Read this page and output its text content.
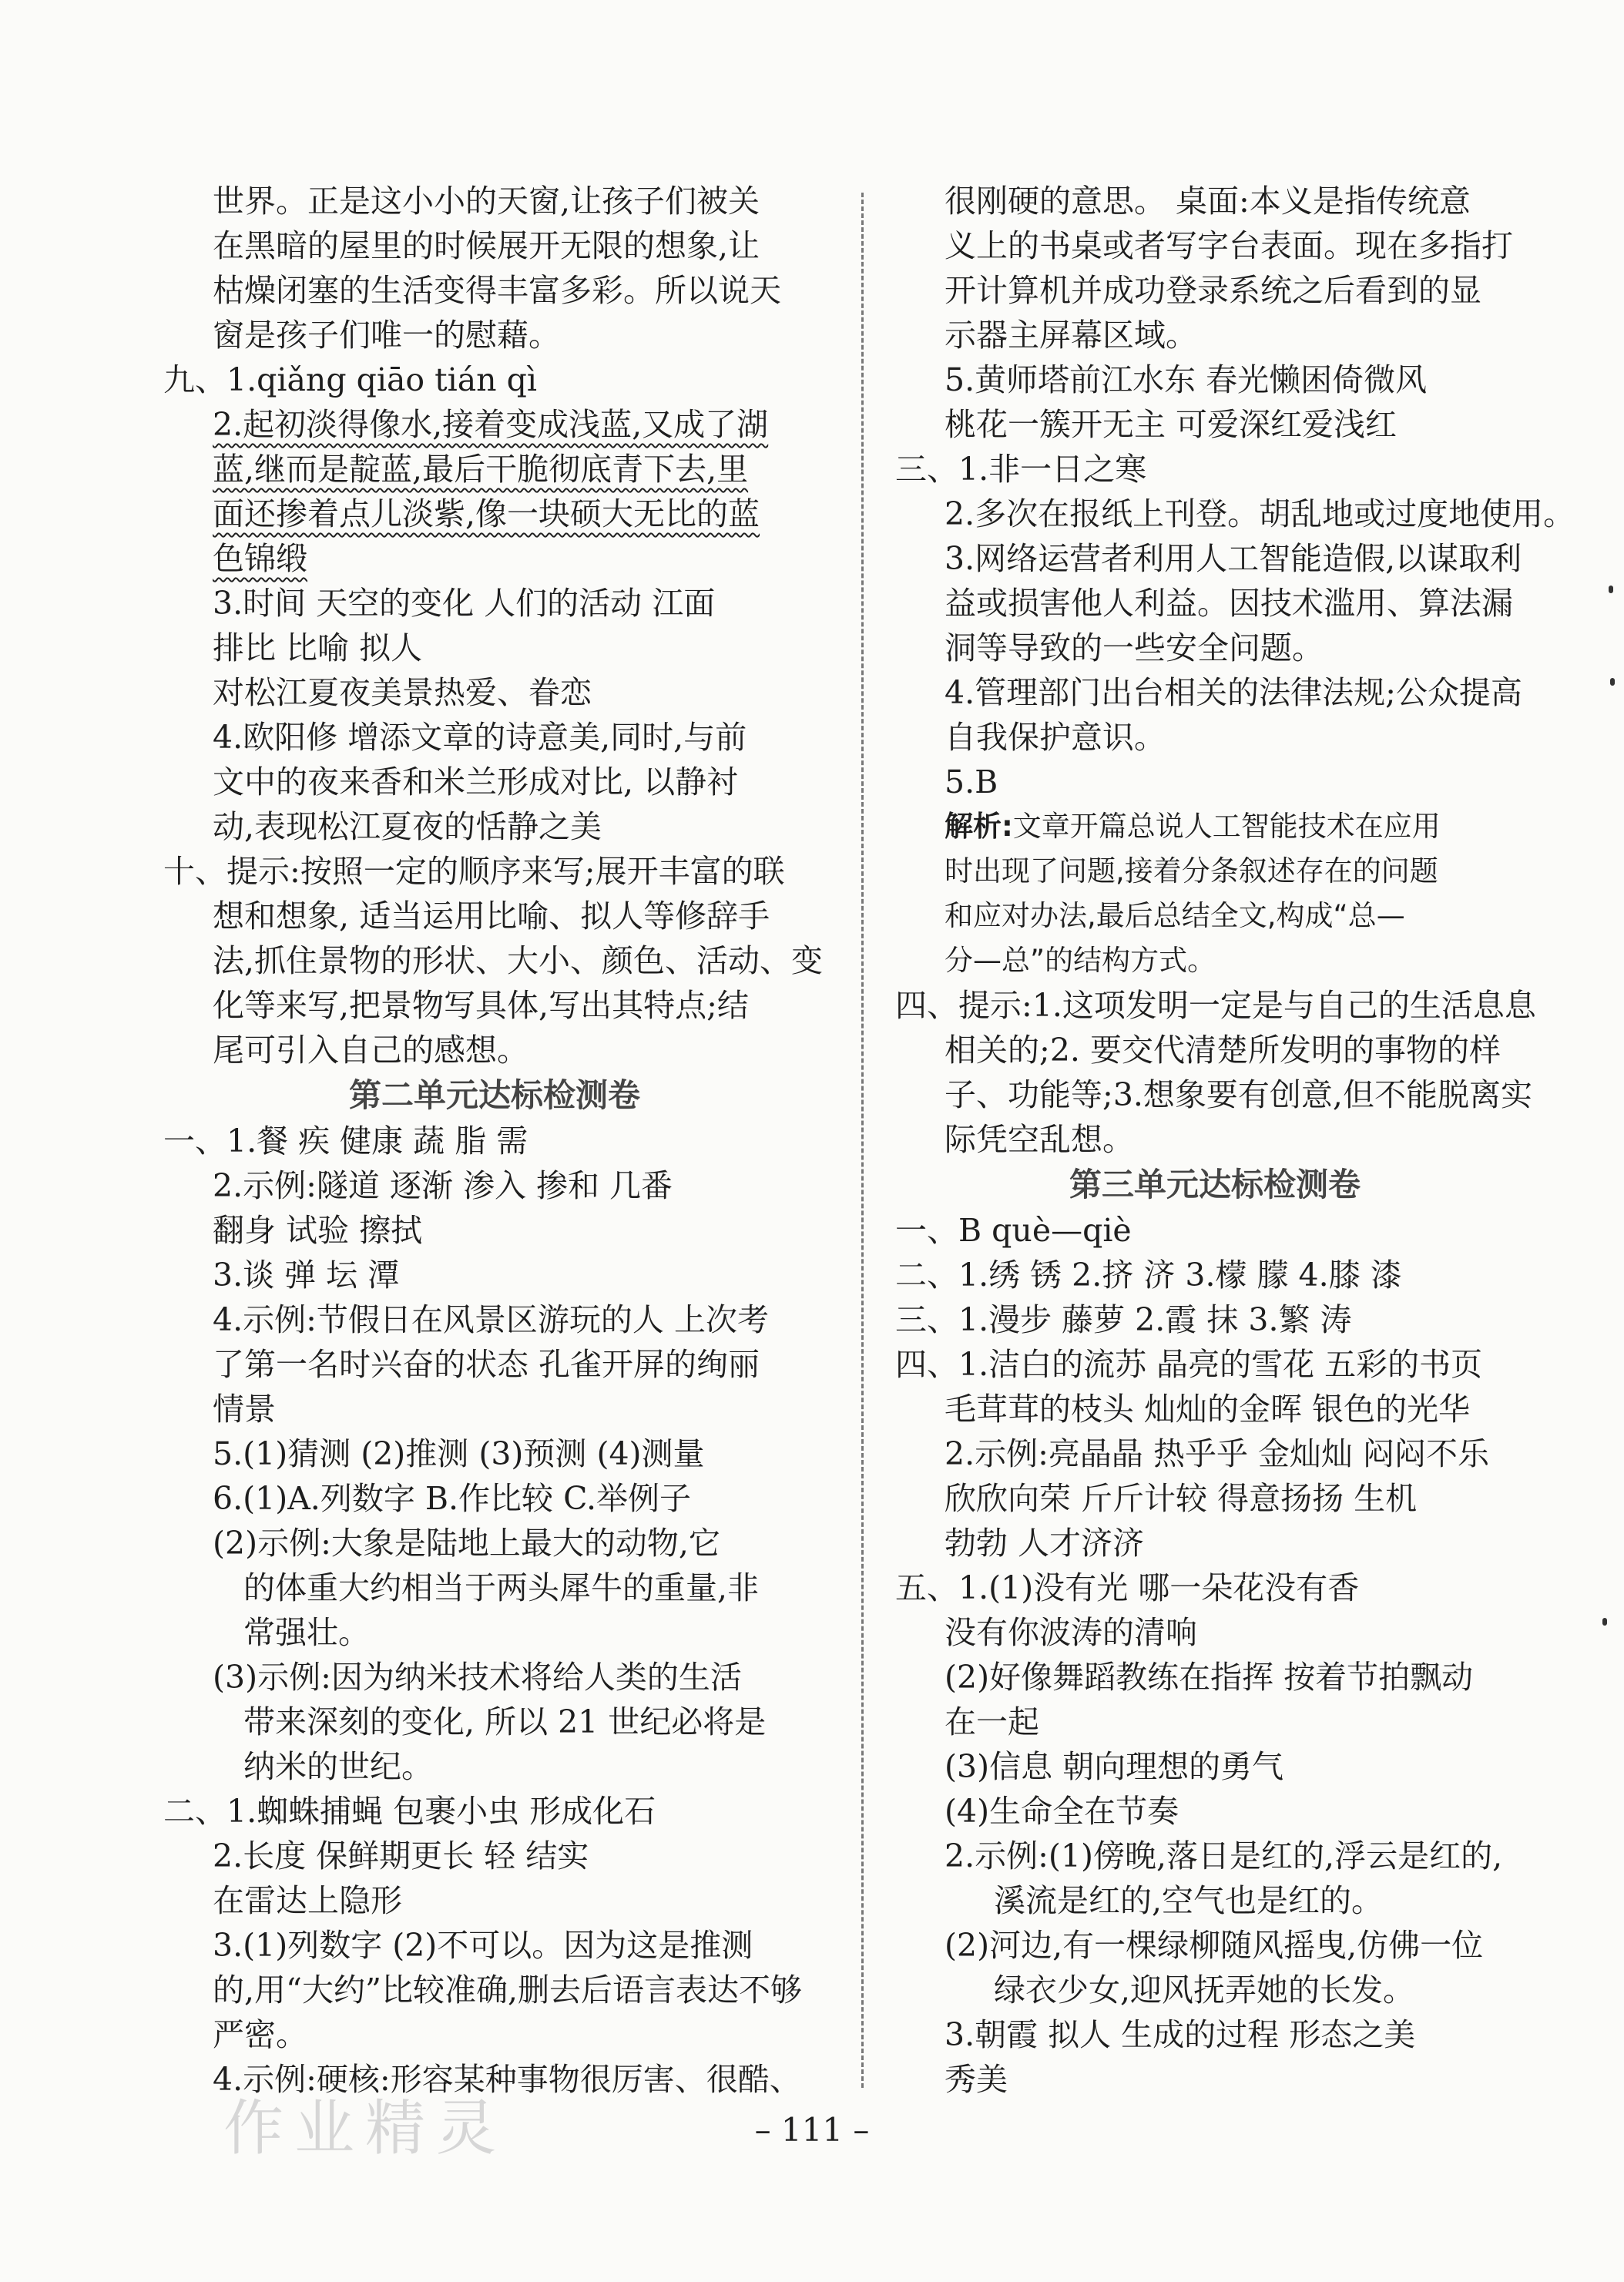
世界。正是这小小的天窗,让孩子们被关
在黑暗的屋里的时候展开无限的想象,让
枯燥闭塞的生活变得丰富多彩。所以说天
窗是孩子们唯一的慰藉。
九、1.qiǎng qiāo tián qì
2.起初淡得像水,接着变成浅蓝,又成了湖
蓝,继而是靛蓝,最后干脆彻底青下去,里
面还掺着点儿淡紫,像一块硕大无比的蓝
色锦缎
3.时间 天空的变化 人们的活动 江面
排比 比喻 拟人
对松江夏夜美景热爱、眷恋
4.欧阳修 增添文章的诗意美,同时,与前
文中的夜来香和米兰形成对比, 以静衬
动,表现松江夏夜的恬静之美
十、提示:按照一定的顺序来写;展开丰富的联
想和想象, 适当运用比喻、拟人等修辞手
法,抓住景物的形状、大小、颜色、活动、变
化等来写,把景物写具体,写出其特点;结
尾可引入自己的感想。
第二单元达标检测卷
一、1.餐 疾 健康 蔬 脂 需
2.示例:隧道 逐渐 渗入 掺和 几番
翻身 试验 擦拭
3.谈 弹 坛 潭
4.示例:节假日在风景区游玩的人 上次考
了第一名时兴奋的状态 孔雀开屏的绚丽
情景
5.(1)猜测 (2)推测 (3)预测 (4)测量
6.(1)A.列数字 B.作比较 C.举例子
(2)示例:大象是陆地上最大的动物,它
的体重大约相当于两头犀牛的重量,非
常强壮。
(3)示例:因为纳米技术将给人类的生活
带来深刻的变化, 所以 21 世纪必将是
纳米的世纪。
二、1.蜘蛛捕蝇 包裹小虫 形成化石
2.长度 保鲜期更长 轻 结实
在雷达上隐形
3.(1)列数字 (2)不可以。因为这是推测
的,用“大约”比较准确,删去后语言表达不够
严密。
4.示例:硬核:形容某种事物很厉害、很酷、
很刚硬的意思。 桌面:本义是指传统意
义上的书桌或者写字台表面。现在多指打
开计算机并成功登录系统之后看到的显
示器主屏幕区域。
5.黄师塔前江水东 春光懒困倚微风
桃花一簇开无主 可爱深红爱浅红
三、1.非一日之寒
2.多次在报纸上刊登。胡乱地或过度地使用。
3.网络运营者利用人工智能造假,以谋取利
益或损害他人利益。因技术滥用、算法漏
洞等导致的一些安全问题。
4.管理部门出台相关的法律法规;公众提高
自我保护意识。
5.B
解析:文章开篇总说人工智能技术在应用
时出现了问题,接着分条叙述存在的问题
和应对办法,最后总结全文,构成“总—
分—总”的结构方式。
四、提示:1.这项发明一定是与自己的生活息息
相关的;2. 要交代清楚所发明的事物的样
子、功能等;3.想象要有创意,但不能脱离实
际凭空乱想。
第三单元达标检测卷
一、B què—qiè
二、1.绣 锈 2.挤 济 3.檬 朦 4.膝 漆
三、1.漫步 藤萝 2.霞 抹 3.繁 涛
四、1.洁白的流苏 晶亮的雪花 五彩的书页
毛茸茸的枝头 灿灿的金晖 银色的光华
2.示例:亮晶晶 热乎乎 金灿灿 闷闷不乐
欣欣向荣 斤斤计较 得意扬扬 生机
勃勃 人才济济
五、1.(1)没有光 哪一朵花没有香
没有你波涛的清响
(2)好像舞蹈教练在指挥 按着节拍飘动
在一起
(3)信息 朝向理想的勇气
(4)生命全在节奏
2.示例:(1)傍晚,落日是红的,浮云是红的,
溪流是红的,空气也是红的。
(2)河边,有一棵绿柳随风摇曳,仿佛一位
绿衣少女,迎风抚弄她的长发。
3.朝霞 拟人 生成的过程 形态之美
秀美
– 111 –
作业精灵
